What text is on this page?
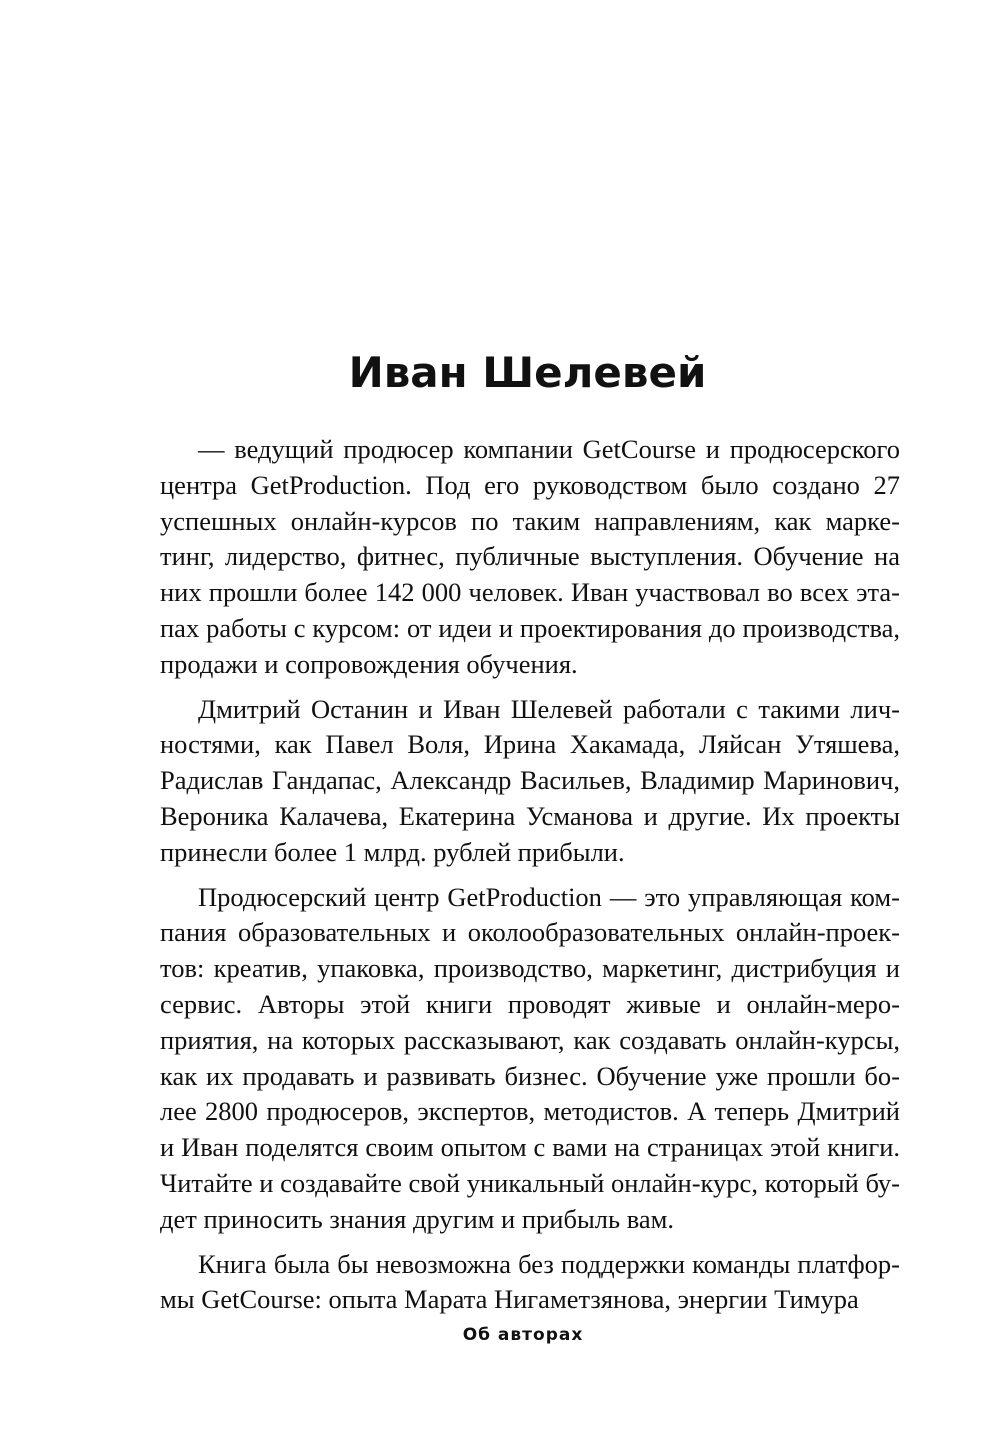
Иван Шелевей

— ведущий продюсер компании GetCourse и продюсерского центра GetProduction. Под его руководством было создано 27 успешных онлайн-курсов по таким направлениям, как маркетинг, лидерство, фитнес, публичные выступления. Обучение на них прошли более 142 000 человек. Иван участвовал во всех этапах работы с курсом: от идеи и проектирования до производства, продажи и сопровождения обучения.

Дмитрий Останин и Иван Шелевей работали с такими личностями, как Павел Воля, Ирина Хакамада, Ляйсан Утяшева, Радислав Гандапас, Александр Васильев, Владимир Маринович, Вероника Калачева, Екатерина Усманова и другие. Их проекты принесли более 1 млрд. рублей прибыли.

Продюсерский центр GetProduction — это управляющая компания образовательных и околообразовательных онлайн-проектов: креатив, упаковка, производство, маркетинг, дистрибуция и сервис. Авторы этой книги проводят живые и онлайн-мероприятия, на которых рассказывают, как создавать онлайн-курсы, как их продавать и развивать бизнес. Обучение уже прошли более 2800 продюсеров, экспертов, методистов. А теперь Дмитрий и Иван поделятся своим опытом с вами на страницах этой книги. Читайте и создавайте свой уникальный онлайн-курс, который будет приносить знания другим и прибыль вам.

Книга была бы невозможна без поддержки команды платформы GetCourse: опыта Марата Нигаметзянова, энергии Тимура

Об авторах
